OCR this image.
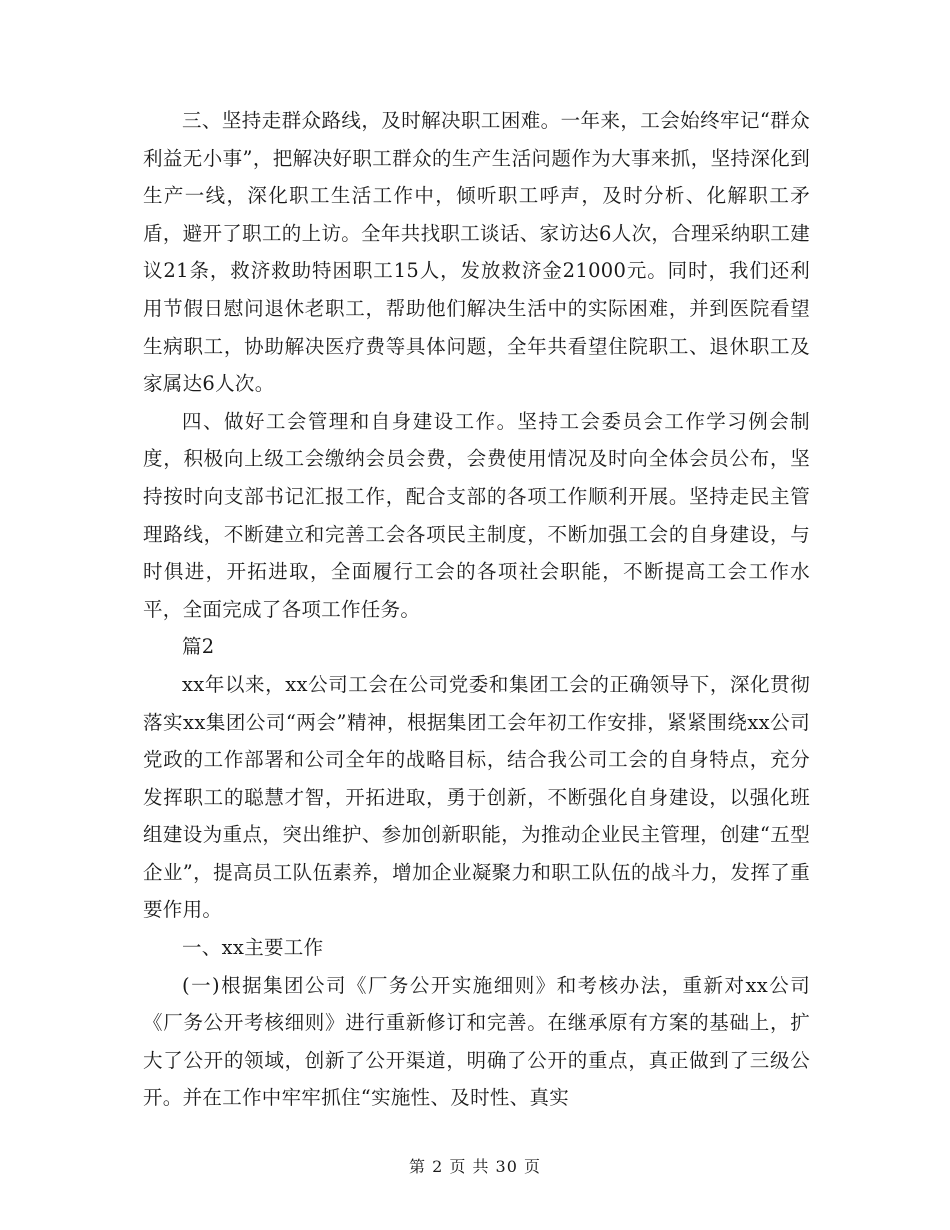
三、坚持走群众路线，及时解决职工困难。一年来，工会始终牢记“群众利益无小事”，把解决好职工群众的生产生活问题作为大事来抓，坚持深化到生产一线，深化职工生活工作中，倾听职工呼声，及时分析、化解职工矛盾，避开了职工的上访。全年共找职工谈话、家访达6人次，合理采纳职工建议21条，救济救助特困职工15人，发放救济金21000元。同时，我们还利用节假日慰问退休老职工，帮助他们解决生活中的实际困难，并到医院看望生病职工，协助解决医疗费等具体问题，全年共看望住院职工、退休职工及家属达6人次。

四、做好工会管理和自身建设工作。坚持工会委员会工作学习例会制度，积极向上级工会缴纳会员会费，会费使用情况及时向全体会员公布，坚持按时向支部书记汇报工作，配合支部的各项工作顺利开展。坚持走民主管理路线，不断建立和完善工会各项民主制度，不断加强工会的自身建设，与时俱进，开拓进取，全面履行工会的各项社会职能，不断提高工会工作水平，全面完成了各项工作任务。

篇2

xx年以来，xx公司工会在公司党委和集团工会的正确领导下，深化贯彻落实xx集团公司“两会”精神，根据集团工会年初工作安排，紧紧围绕xx公司党政的工作部署和公司全年的战略目标，结合我公司工会的自身特点，充分发挥职工的聪慧才智，开拓进取，勇于创新，不断强化自身建设，以强化班组建设为重点，突出维护、参加创新职能，为推动企业民主管理，创建“五型企业”，提高员工队伍素养，增加企业凝聚力和职工队伍的战斗力，发挥了重要作用。

一、xx主要工作

(一)根据集团公司《厂务公开实施细则》和考核办法，重新对xx公司《厂务公开考核细则》进行重新修订和完善。在继承原有方案的基础上，扩大了公开的领域，创新了公开渠道，明确了公开的重点，真正做到了三级公开。并在工作中牢牢抓住“实施性、及时性、真实

第 2 页 共 30 页
